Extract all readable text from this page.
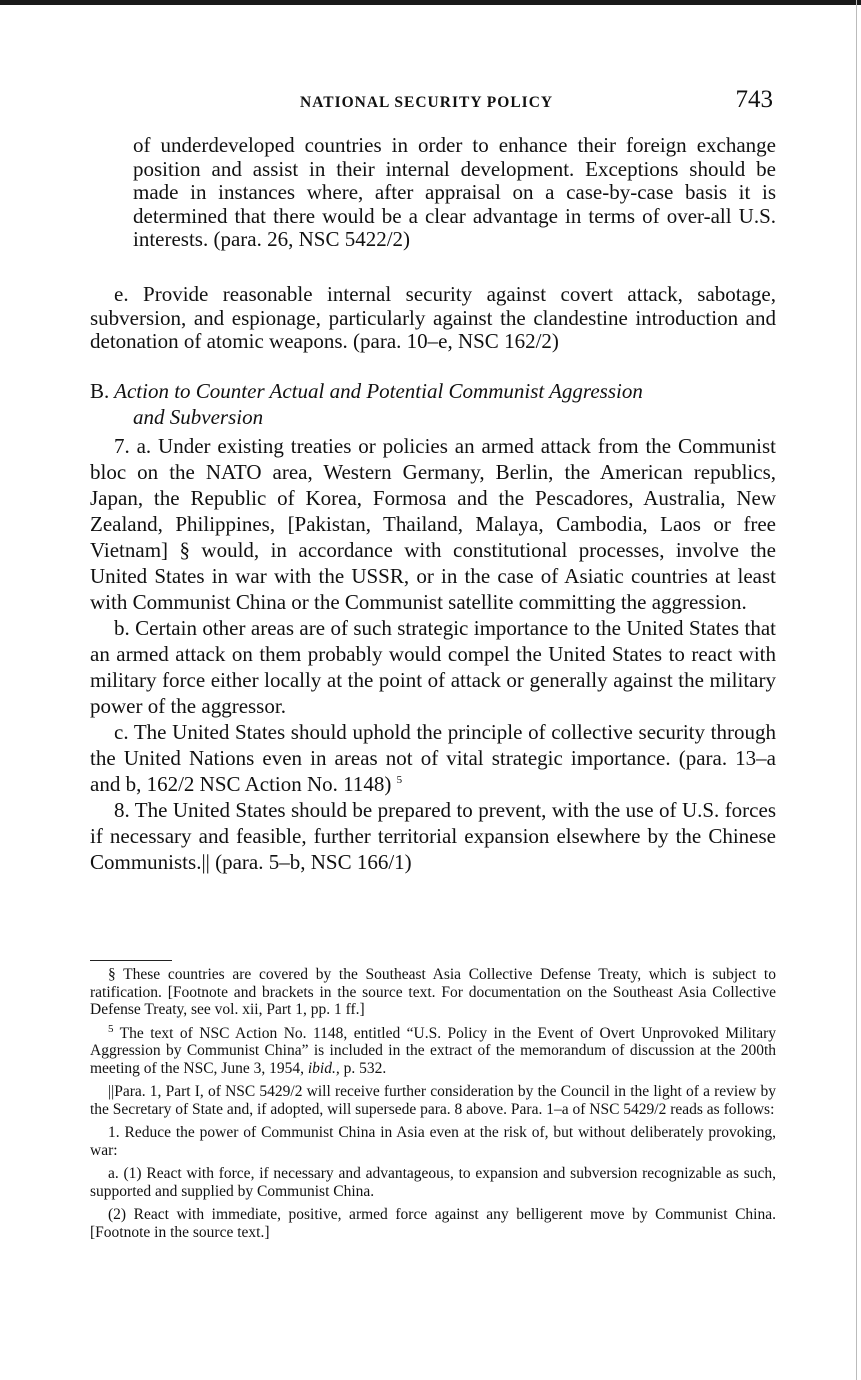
NATIONAL SECURITY POLICY	743

of underdeveloped countries in order to enhance their foreign exchange position and assist in their internal development. Exceptions should be made in instances where, after appraisal on a case-by-case basis it is determined that there would be a clear advantage in terms of over-all U.S. interests. (para. 26, NSC 5422/2)

e. Provide reasonable internal security against covert attack, sabotage, subversion, and espionage, particularly against the clandestine introduction and detonation of atomic weapons. (para. 10–e, NSC 162/2)

B. Action to Counter Actual and Potential Communist Aggression
and Subversion

7. a. Under existing treaties or policies an armed attack from the Communist bloc on the NATO area, Western Germany, Berlin, the American republics, Japan, the Republic of Korea, Formosa and the Pescadores, Australia, New Zealand, Philippines, [Pakistan, Thailand, Malaya, Cambodia, Laos or free Vietnam] § would, in accordance with constitutional processes, involve the United States in war with the USSR, or in the case of Asiatic countries at least with Communist China or the Communist satellite committing the aggression.

b. Certain other areas are of such strategic importance to the United States that an armed attack on them probably would compel the United States to react with military force either locally at the point of attack or generally against the military power of the aggressor.

c. The United States should uphold the principle of collective security through the United Nations even in areas not of vital strategic importance. (para. 13–a and b, 162/2 NSC Action No. 1148) $^5$

8. The United States should be prepared to prevent, with the use of U.S. forces if necessary and feasible, further territorial expansion elsewhere by the Chinese Communists.|| (para. 5–b, NSC 166/1)

§ These countries are covered by the Southeast Asia Collective Defense Treaty, which is subject to ratification. [Footnote and brackets in the source text. For documentation on the Southeast Asia Collective Defense Treaty, see vol. xii, Part 1, pp. 1 ff.]

$^5$ The text of NSC Action No. 1148, entitled “U.S. Policy in the Event of Overt Unprovoked Military Aggression by Communist China” is included in the extract of the memorandum of discussion at the 200th meeting of the NSC, June 3, 1954, ibid., p. 532.

||Para. 1, Part I, of NSC 5429/2 will receive further consideration by the Council in the light of a review by the Secretary of State and, if adopted, will supersede para. 8 above. Para. 1–a of NSC 5429/2 reads as follows:

1. Reduce the power of Communist China in Asia even at the risk of, but without deliberately provoking, war:

a. (1) React with force, if necessary and advantageous, to expansion and subversion recognizable as such, supported and supplied by Communist China.

(2) React with immediate, positive, armed force against any belligerent move by Communist China. [Footnote in the source text.]
